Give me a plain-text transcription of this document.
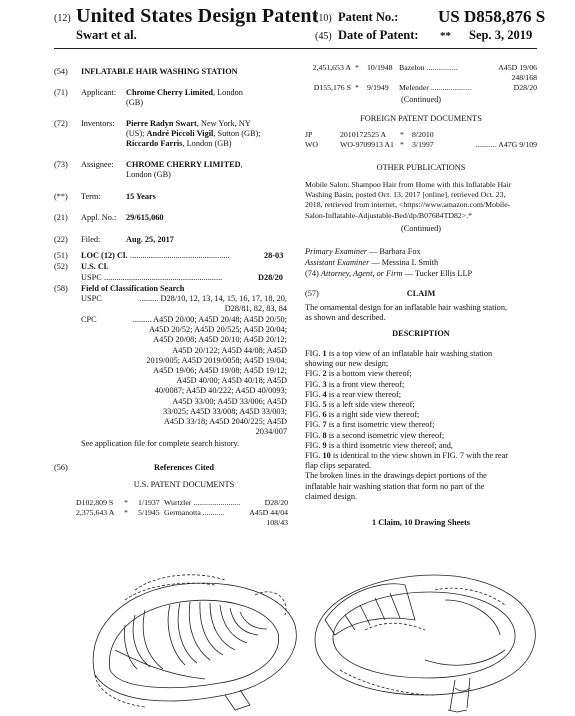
(12) United States Design Patent
Swart et al.
(10) Patent No.: US D858,876 S
(45) Date of Patent: ** Sep. 3, 2019
(54) INFLATABLE HAIR WASHING STATION
(71) Applicant: Chrome Cherry Limited, London
(GB)
(72) Inventors: Pierre Radyn Swart, New York, NY
(US); André Piccoli Vigil, Sutton (GB);
Riccardo Farris, London (GB)
(73) Assignee: CHROME CHERRY LIMITED,
London (GB)
(**) Term:	15 Years
(21) Appl. No.: 29/615,060
(22) Filed:	Aug. 25, 2017
(51) LOC (12) Cl. ................................................	28-03
(52) U.S. Cl.
USPC .........................................................	D28/20
(58) Field of Classification Search
USPC	......... D28/10, 12, 13, 14, 15, 16, 17, 18, 20,
D28/81, 82, 83, 84
CPC	......... A45D 20/00; A45D 20/48; A45D 20/50;
A45D 20/52; A45D 20/525; A45D 20/04;
A45D 20/08; A45D 20/10; A45D 20/12;
A45D 20/122; A45D 44/08; A45D
2019/005; A45D 2019/0058; A45D 19/04;
A45D 19/06; A45D 19/08; A45D 19/12;
A45D 40/00; A45D 40/18; A45D
40/0087; A45D 40/222; A45D 40/0093;
A45D 33/00; A45D 33/006; A45D
33/025; A45D 33/008; A45D 33/003;
A45D 33/18; A45D 2040/225; A45D
2034/007
See application file for complete search history.
(56)	References Cited
U.S. PATENT DOCUMENTS
D102,809 S * 1/1937 Wurtzler ........................	D28/20
2,375,643 A * 5/1945 Germanotta ...........	A45D 44/04
108/43
2,451,653 A * 10/1948 Bazelon ................	A45D 19/06
248/168
D155,176 S * 9/1949 Melender .....................	D28/20
(Continued)
FOREIGN PATENT DOCUMENTS
JP	2010172525 A * 8/2010
WO	WO-9709913 A1 * 3/1997	........... A47G 9/109
OTHER PUBLICATIONS
Mobile Salon: Shampoo Hair from Home with this Inflatable Hair
Washing Basin, posted Oct. 13, 2017 [online], retrieved Oct. 23,
2018, retrieved from internet, <https://www.amazon.com/Mobile-
Salon-Inflatable-Adjustable-Bed/dp/B07684TD82>.*
(Continued)
Primary Examiner — Barbara Fox
Assistant Examiner — Messina I. Smith
(74) Attorney, Agent, or Firm — Tucker Ellis LLP
(57)	CLAIM
The ornamental design for an inflatable hair washing station,
as shown and described.
DESCRIPTION
FIG. 1 is a top view of an inflatable hair washing station
showing our new design;
FIG. 2 is a bottom view thereof;
FIG. 3 is a front view thereof;
FIG. 4 is a rear view thereof;
FIG. 5 is a left side view thereof;
FIG. 6 is a right side view thereof;
FIG. 7 is a first isometric view thereof;
FIG. 8 is a second isometric view thereof;
FIG. 9 is a third isometric view thereof; and,
FIG. 10 is identical to the view shown in FIG. 7 with the rear
flap clips separated.
The broken lines in the drawings depict portions of the
inflatable hair washing station that form no part of the
claimed design.
1 Claim, 10 Drawing Sheets
